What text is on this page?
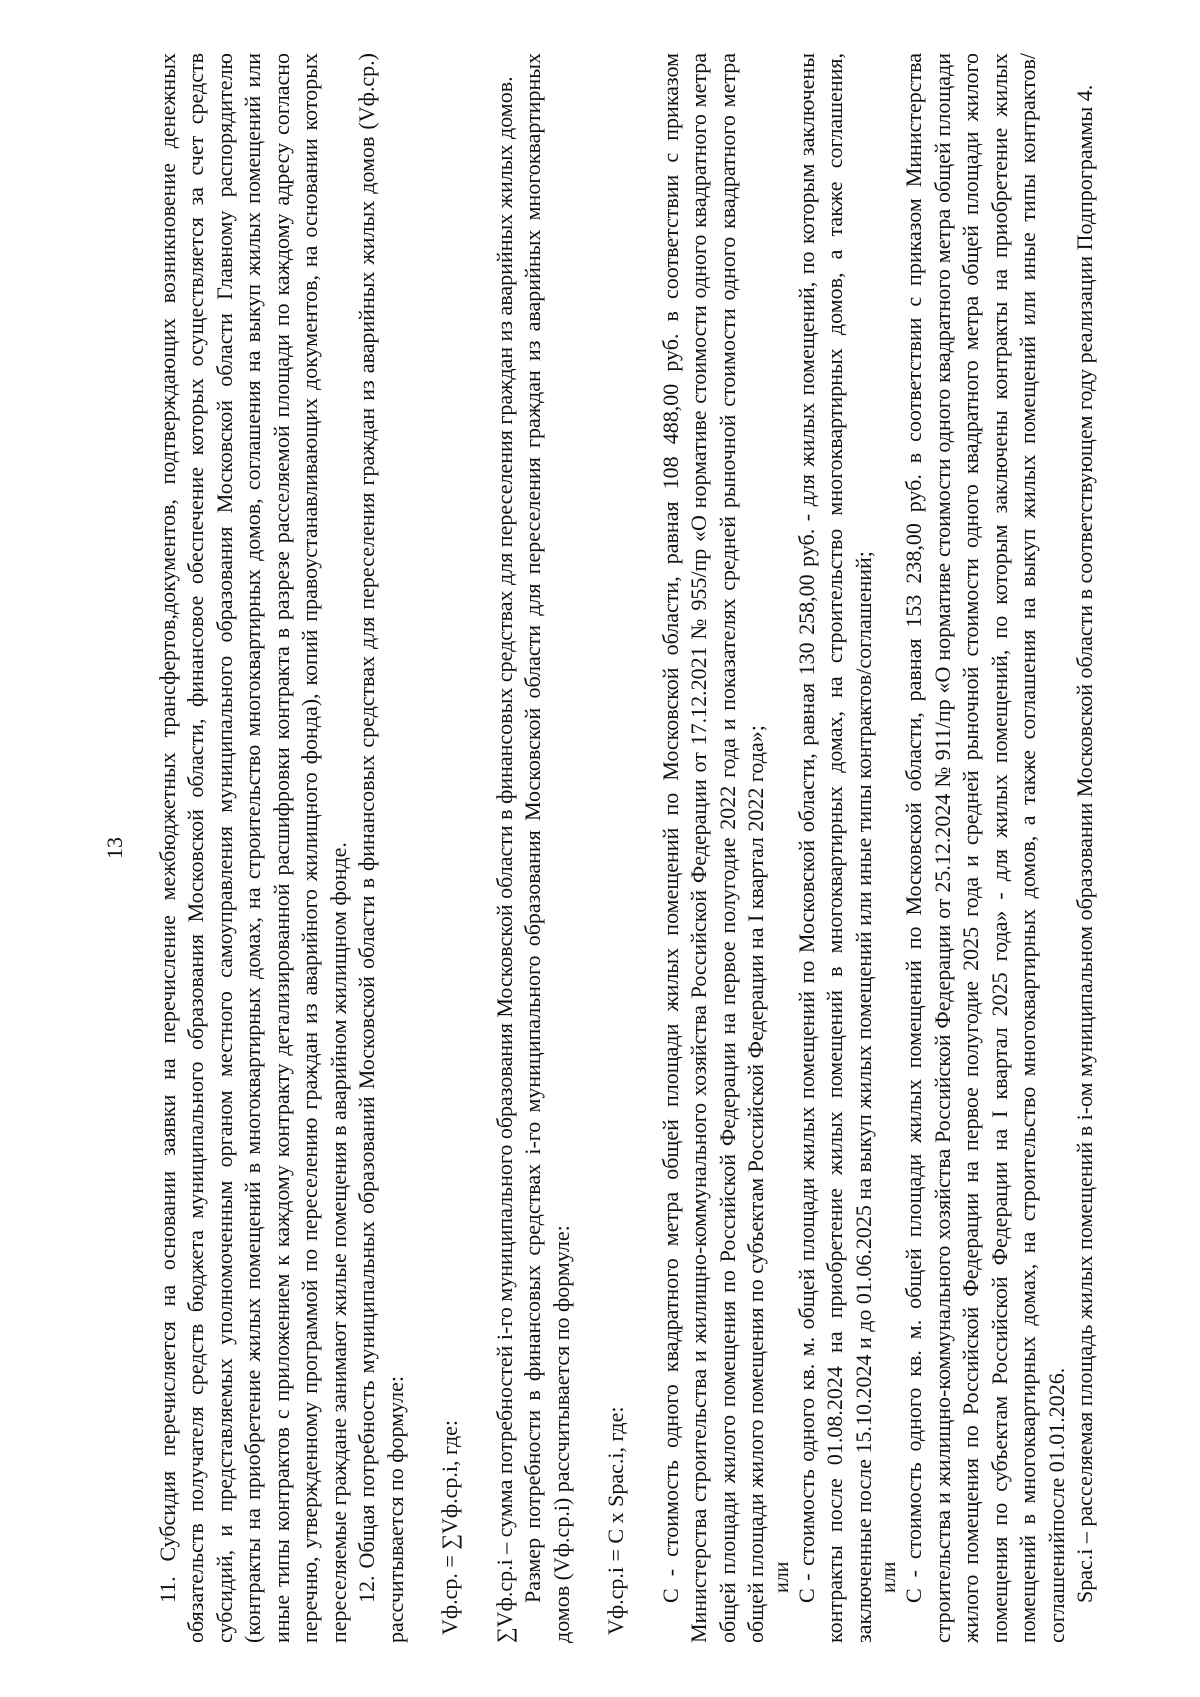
13 11. Субсидия перечисляется на основании заявки на перечисление межбюджетных трансфертов,документов, подтверждающих возникновение денежных обязательств получателя средств бюджета муниципального образования Московской области, финансовое обеспечение которых осуществляется за счет средств субсидий, и представляемых уполномоченным органом местного самоуправления муниципального образования Московской области Главному распорядителю (контракты на приобретение жилых помещений в многоквартирных домах, на строительство многоквартирных домов, соглашения на выкуп жилых помещений или иные типы контрактов с приложением к каждому контракту детализированной расшифровки контракта в разрезе расселяемой площади по каждому адресу согласно перечню, утвержденному программой по переселению граждан из аварийного жилищного фонда), копий правоустанавливающих документов, на основании которых переселяемые граждане занимают жилые помещения в аварийном жилищном фонде. 12. Общая потребность муниципальных образований Московской области в финансовых средствах для переселения граждан из аварийных жилых домов (Vф.ср.) рассчитывается по формуле: Vф.ср. = ∑Vф.ср.i, где: ∑Vф.ср.i – сумма потребностей i-го муниципального образования Московской области в финансовых средствах для переселения граждан из аварийных жилых домов. Размер потребности в финансовых средствах i-го муниципального образования Московской области для переселения граждан из аварийных многоквартирных домов (Vф.ср.i) рассчитывается по формуле: Vф.ср.i = С x Spac.i, где: С - стоимость одного квадратного метра общей площади жилых помещений по Московской области, равная 108 488,00 руб. в соответствии с приказом Министерства строительства и жилищно-коммунального хозяйства Российской Федерации от 17.12.2021 № 955/пр «О нормативе стоимости одного квадратного метра общей площади жилого помещения по Российской Федерации на первое полугодие 2022 года и показателях средней рыночной стоимости одного квадратного метра общей площади жилого помещения по субъектам Российской Федерации на I квартал 2022 года»; или С - стоимость одного кв. м. общей площади жилых помещений по Московской области, равная 130 258,00 руб. - для жилых помещений, по которым заключены контракты после 01.08.2024 на приобретение жилых помещений в многоквартирных домах, на строительство многоквартирных домов, а также соглашения, заключенные после 15.10.2024 и до 01.06.2025 на выкуп жилых помещений или иные типы контрактов/соглашений; или С - стоимость одного кв. м. общей площади жилых помещений по Московской области, равная 153 238,00 руб. в соответствии с приказом Министерства строительства и жилищно-коммунального хозяйства Российской Федерации от 25.12.2024 № 911/пр «О нормативе стоимости одного квадратного метра общей площади жилого помещения по Российской Федерации на первое полугодие 2025 года и средней рыночной стоимости одного квадратного метра общей площади жилого помещения по субъектам Российской Федерации на I квартал 2025 года» - для жилых помещений, по которым заключены контракты на приобретение жилых помещений в многоквартирных домах, на строительство многоквартирных домов, а также соглашения на выкуп жилых помещений или иные типы контрактов/соглашенийпосле 01.01.2026. Spac.i – расселяемая площадь жилых помещений в i-ом муниципальном образовании Московской области в соответствующем году реализации Подпрограммы 4.
